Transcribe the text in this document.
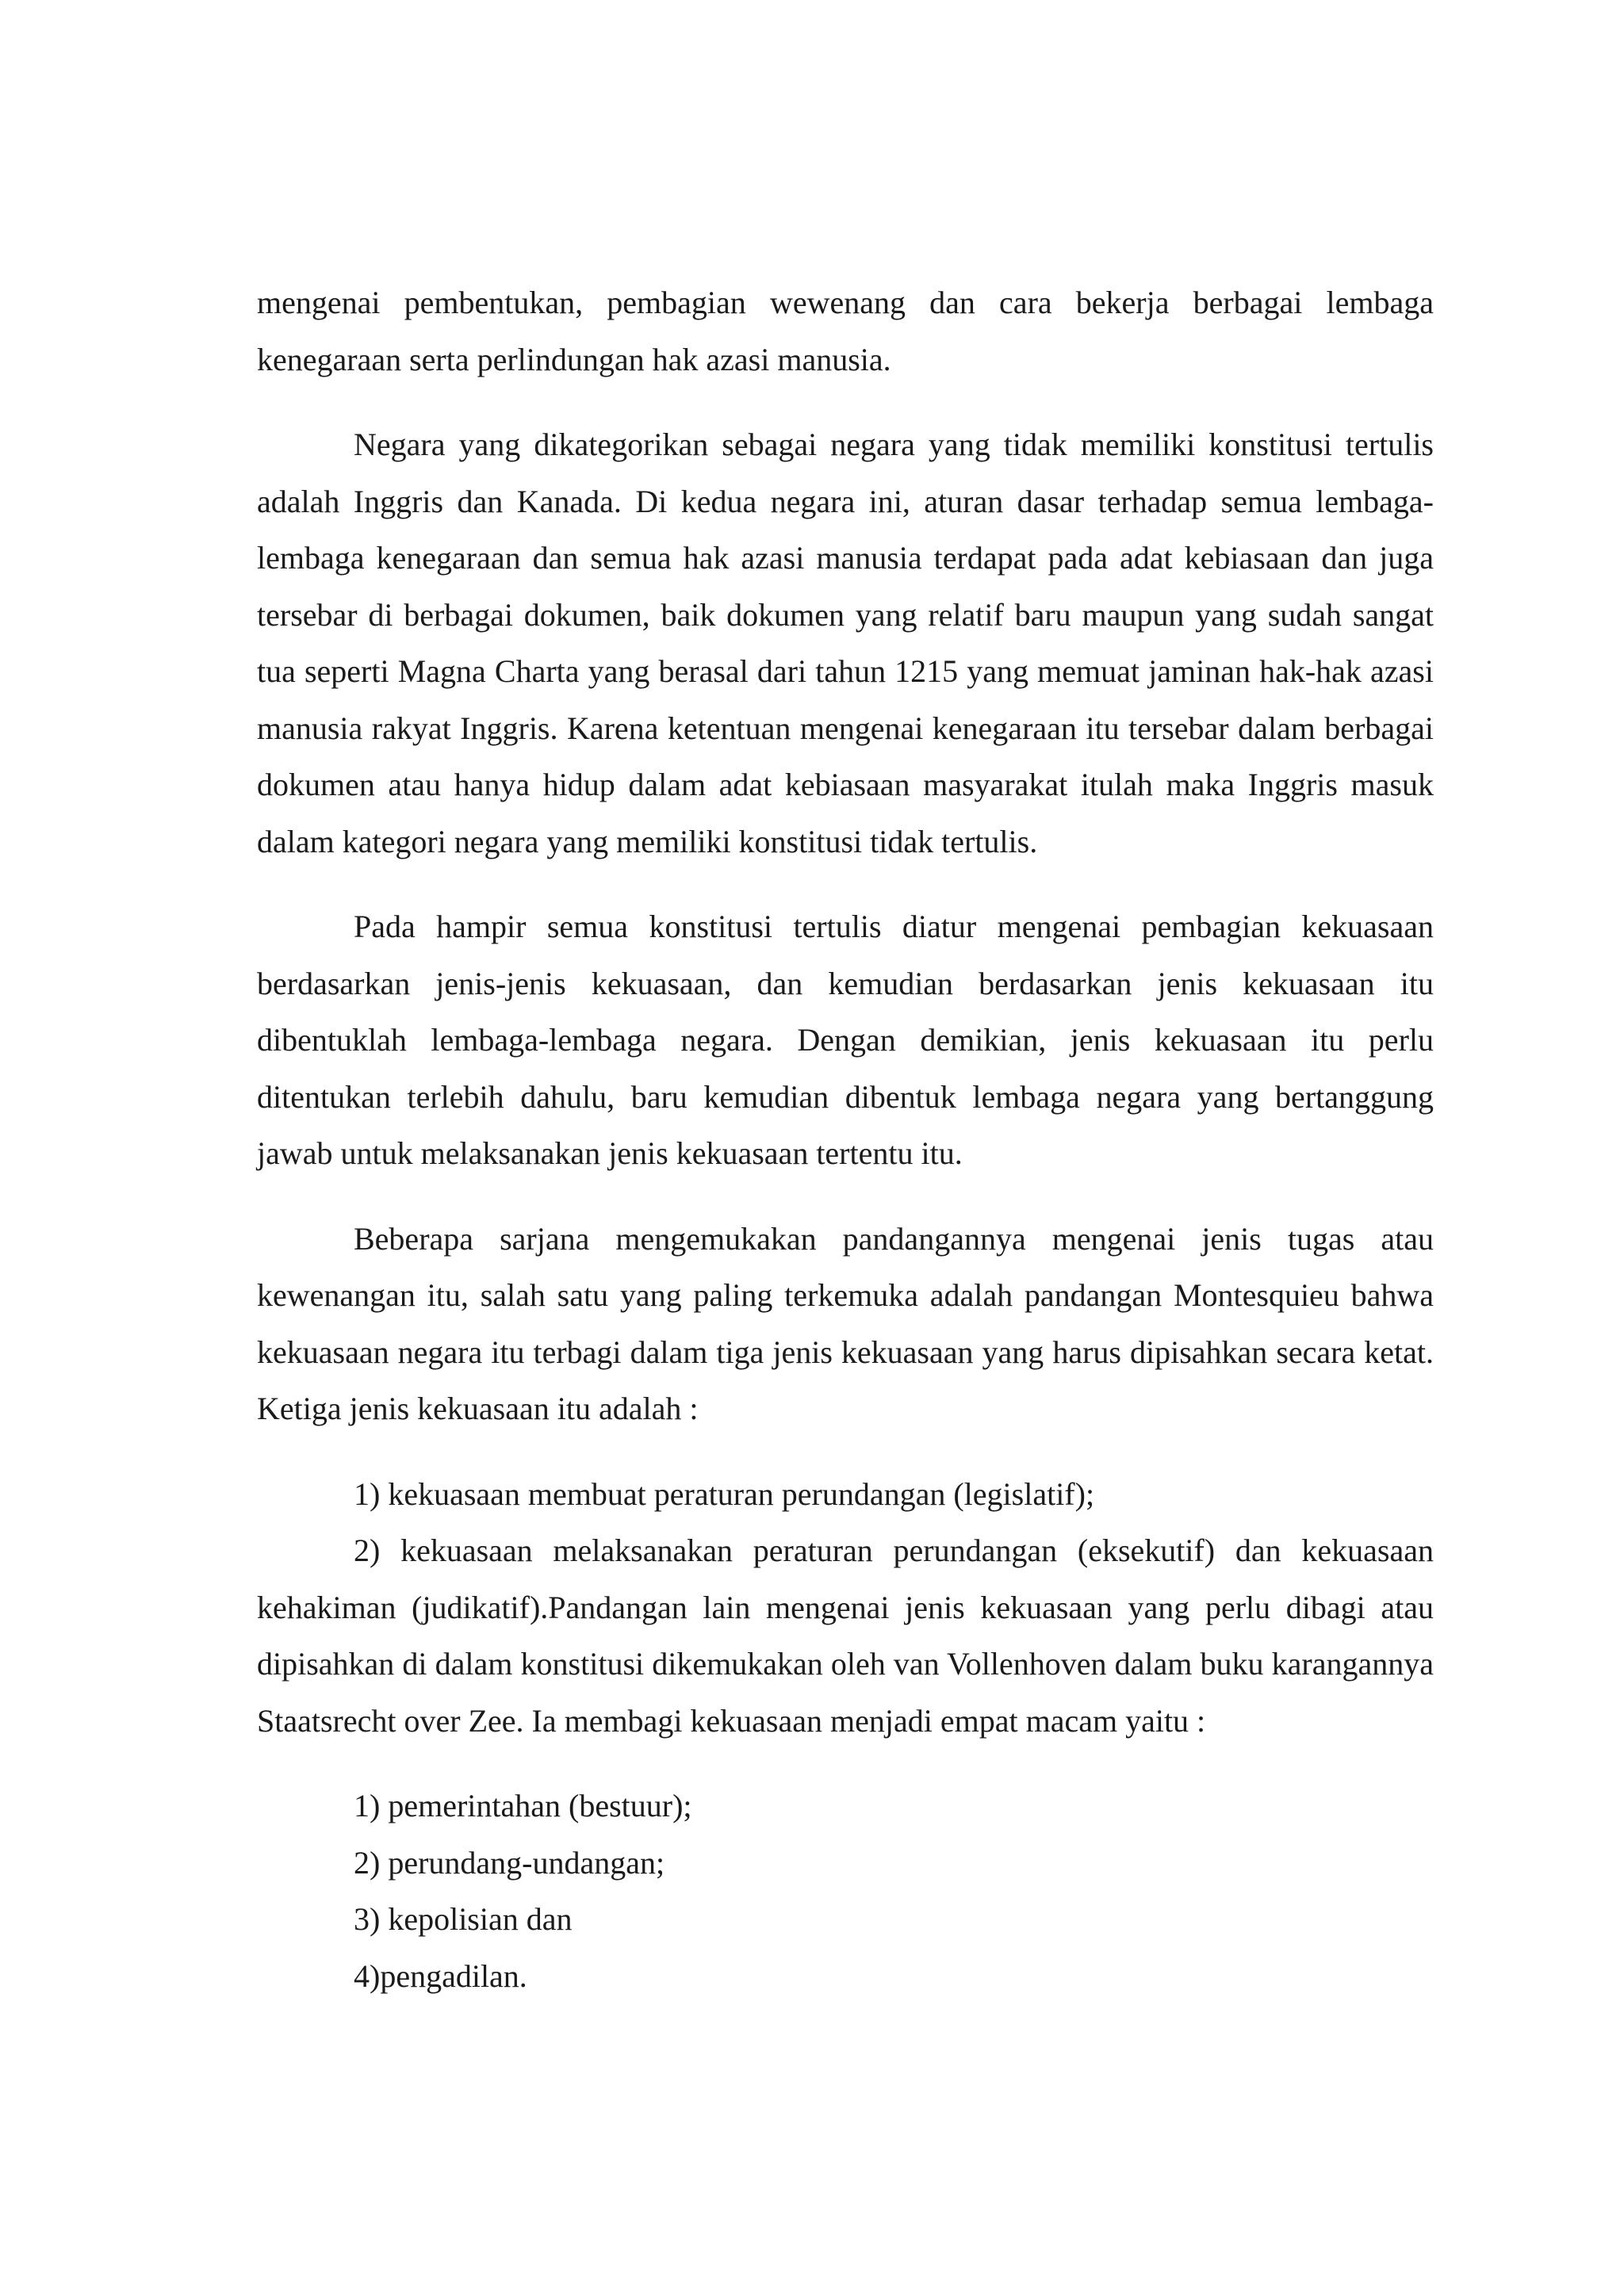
mengenai pembentukan, pembagian wewenang dan cara bekerja berbagai lembaga kenegaraan serta perlindungan hak azasi manusia.

Negara yang dikategorikan sebagai negara yang tidak memiliki konstitusi tertulis adalah Inggris dan Kanada. Di kedua negara ini, aturan dasar terhadap semua lembaga-lembaga kenegaraan dan semua hak azasi manusia terdapat pada adat kebiasaan dan juga tersebar di berbagai dokumen, baik dokumen yang relatif baru maupun yang sudah sangat tua seperti Magna Charta yang berasal dari tahun 1215 yang memuat jaminan hak-hak azasi manusia rakyat Inggris. Karena ketentuan mengenai kenegaraan itu tersebar dalam berbagai dokumen atau hanya hidup dalam adat kebiasaan masyarakat itulah maka Inggris masuk dalam kategori negara yang memiliki konstitusi tidak tertulis.

Pada hampir semua konstitusi tertulis diatur mengenai pembagian kekuasaan berdasarkan jenis-jenis kekuasaan, dan kemudian berdasarkan jenis kekuasaan itu dibentuklah lembaga-lembaga negara. Dengan demikian, jenis kekuasaan itu perlu ditentukan terlebih dahulu, baru kemudian dibentuk lembaga negara yang bertanggung jawab untuk melaksanakan jenis kekuasaan tertentu itu.

Beberapa sarjana mengemukakan pandangannya mengenai jenis tugas atau kewenangan itu, salah satu yang paling terkemuka adalah pandangan Montesquieu bahwa kekuasaan negara itu terbagi dalam tiga jenis kekuasaan yang harus dipisahkan secara ketat. Ketiga jenis kekuasaan itu adalah :

1) kekuasaan membuat peraturan perundangan (legislatif);

2) kekuasaan melaksanakan peraturan perundangan (eksekutif) dan kekuasaan kehakiman (judikatif).Pandangan lain mengenai jenis kekuasaan yang perlu dibagi atau dipisahkan di dalam konstitusi dikemukakan oleh van Vollenhoven dalam buku karangannya Staatsrecht over Zee. Ia membagi kekuasaan menjadi empat macam yaitu :

1) pemerintahan (bestuur);
2) perundang-undangan;
3) kepolisian dan
4)pengadilan.
